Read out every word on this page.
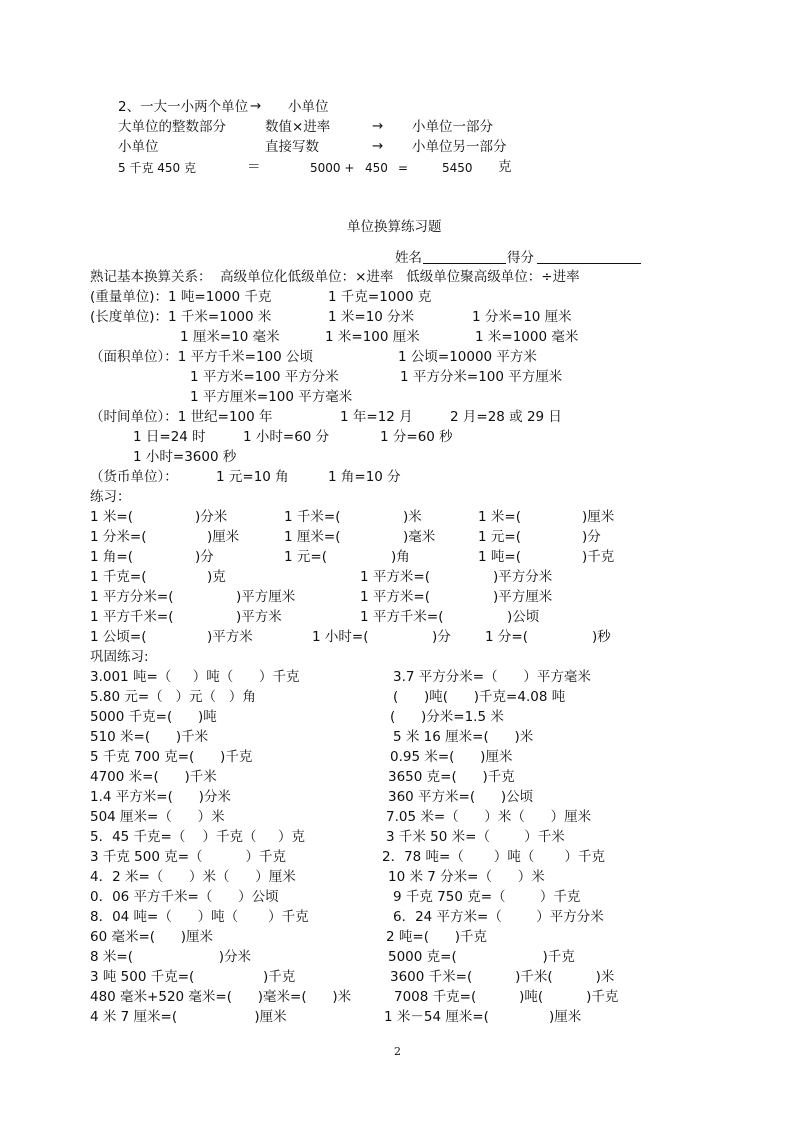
2、一大一小两个单位 → 小单位
大单位的整数部分	数值×进率	→ 小单位一部分
小单位	直接写数	→ 小单位另一部分
5 千克 450 克	＝	5000 + 450 =	5450 克
单位换算练习题
姓名	得分
熟记基本换算关系：  高级单位化低级单位：×进率   低级单位聚高级单位：÷进率
(重量单位)：1 吨=1000 千克	1 千克=1000 克
(长度单位)：1 千米=1000 米	1 米=10 分米	1 分米=10 厘米
1 厘米=10 毫米	1 米=100 厘米	1 米=1000 毫米
（面积单位）：1 平方千米=100 公顷	1 公顷=10000 平方米
1 平方米=100 平方分米	1 平方分米=100 平方厘米
1 平方厘米=100 平方毫米
（时间单位）：1 世纪=100 年	1 年=12 月	2 月=28 或 29 日
1 日=24 时	1 小时=60 分	1 分=60 秒
1 小时=3600 秒
（货币单位）：	1 元=10 角	1 角=10 分
练习：
1 米=(	)分米	1 千米=(	)米	1 米=(	)厘米
1 分米=(	)厘米	1 厘米=(	)毫米	1 元=(	)分
1 角=(	)分	1 元=(	)角	1 吨=(	)千克
1 千克=(	)克	1 平方米=(	)平方分米
1 平方分米=(	)平方厘米	1 平方米=(	)平方厘米
1 平方千米=(	)平方米	1 平方千米=(	)公顷
1 公顷=(	)平方米	1 小时=(	)分	1 分=(	)秒
巩固练习:
3.001 吨=（     ）吨（      ）千克	3.7 平方分米=（      ）平方毫米
5.80 元=（   ）元（   ）角	(      )吨(      )千克=4.08 吨
5000 千克=(      )吨	(      )分米=1.5 米
510 米=(      )千米	5 米 16 厘米=(      )米
5 千克 700 克=(      )千克	0.95 米=(      )厘米
4700 米=(      )千米	3650 克=(      )千克
1.4 平方米=(      )分米	360 平方米=(      )公顷
504 厘米=（      ）米	7.05 米=（      ）米（      ）厘米
5．45 千克=（    ）千克（     ）克	3 千米 50 米=（        ）千米
3 千克 500 克=（          ）千克	2．78 吨=（       ）吨（       ）千克
4．2 米=（      ）米（      ）厘米	10 米 7 分米=（      ）米
0．06 平方千米=（      ）公顷	9 千克 750 克=（        ）千克
8．04 吨=（      ）吨（       ）千克	6．24 平方米=（        ）平方分米
60 毫米=(      )厘米	2 吨=(      )千克
8 米=(                    )分米	5000 克=(                    )千克
3 吨 500 千克=(                )千克	3600 千米=(          )千米(          )米
480 毫米+520 毫米=(      )毫米=(      )米	7008 千克=(          )吨(          )千克
4 米 7 厘米=(                  )厘米	1 米－54 厘米=(              )厘米
2
